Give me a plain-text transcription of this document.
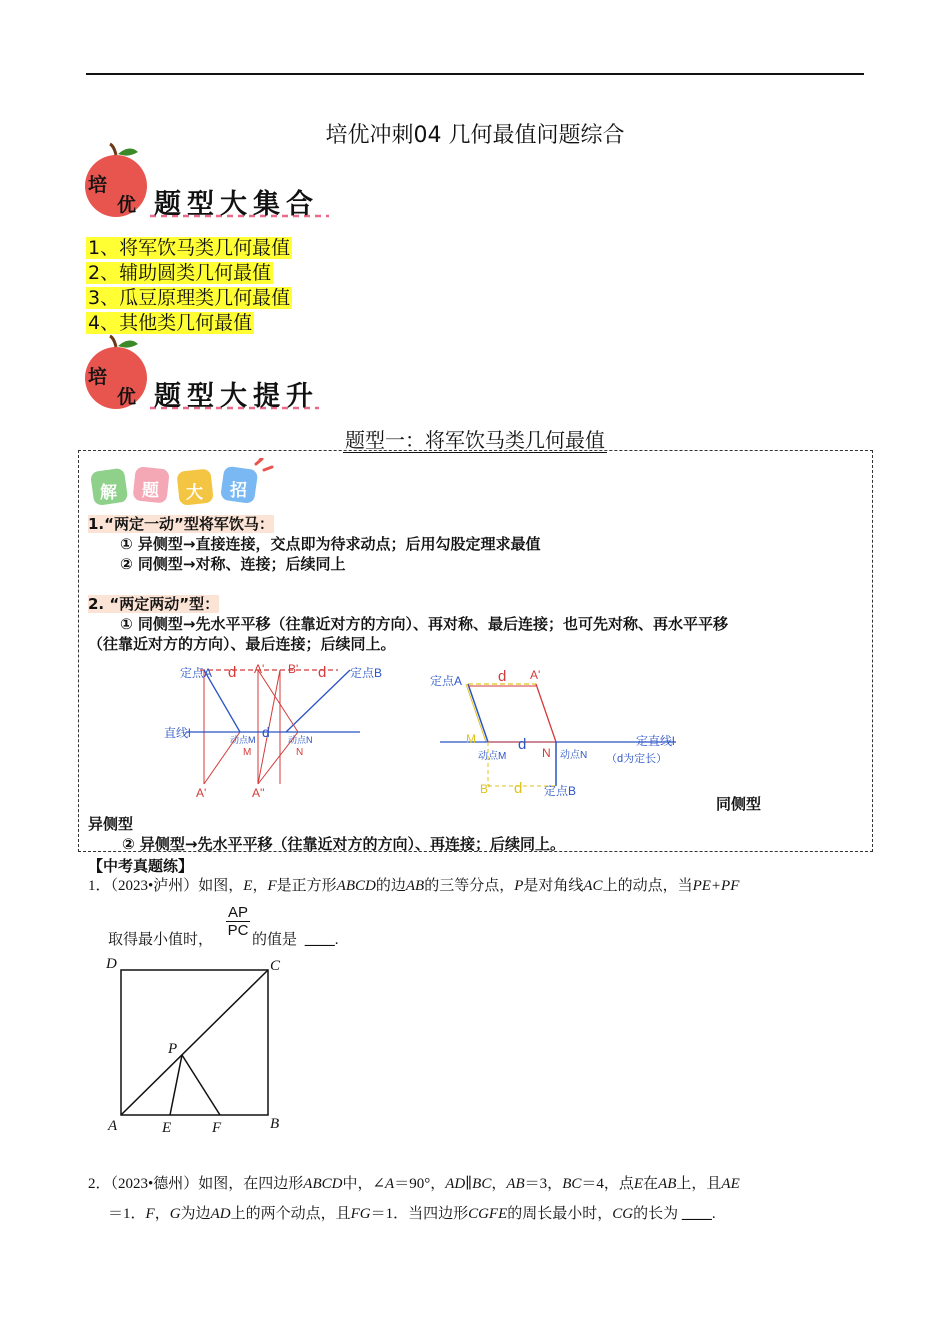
培优冲刺04 几何最值问题综合
培
优 题型大集合
1、将军饮马类几何最值
2、辅助圆类几何最值
3、瓜豆原理类几何最值
4、其他类几何最值
培
优 题型大提升
题型一：将军饮马类几何最值
解 题 大 招
1.“两定一动”型将军饮马：
① 异侧型→直接连接，交点即为待求动点；后用勾股定理求最值
② 同侧型→对称、连接；后续同上
2. “两定两动”型：
① 同侧型→先水平平移（往靠近对方的方向）、再对称、最后连接；也可先对称、再水平平移
（往靠近对方的方向）、最后连接；后续同上。
定点A d A' B' d 定点B
直线l	动点M d 动点N
M	N
A'	A''
定点A d A'
定直线l
M
动点M
d N 动点N （d为定长）
B' d 定点B
同侧型
异侧型
② 异侧型→先水平平移（往靠近对方的方向）、再连接；后续同上。
【中考真题练】
1．（2023•泸州）如图，E，F是正方形ABCD的边AB的三等分点，P是对角线AC上的动点，当PE+PF
取得最小值时，
$\frac{AP}{PC}$
的值是 ____.
D	C
P
A	E	F	B
2．（2023•德州）如图，在四边形ABCD中，∠A＝90°，AD∥BC，AB＝3，BC＝4，点E在AB上，且AE
＝1．F，G为边AD上的两个动点，且FG＝1．当四边形CGFE的周长最小时，CG的长为 ____.
